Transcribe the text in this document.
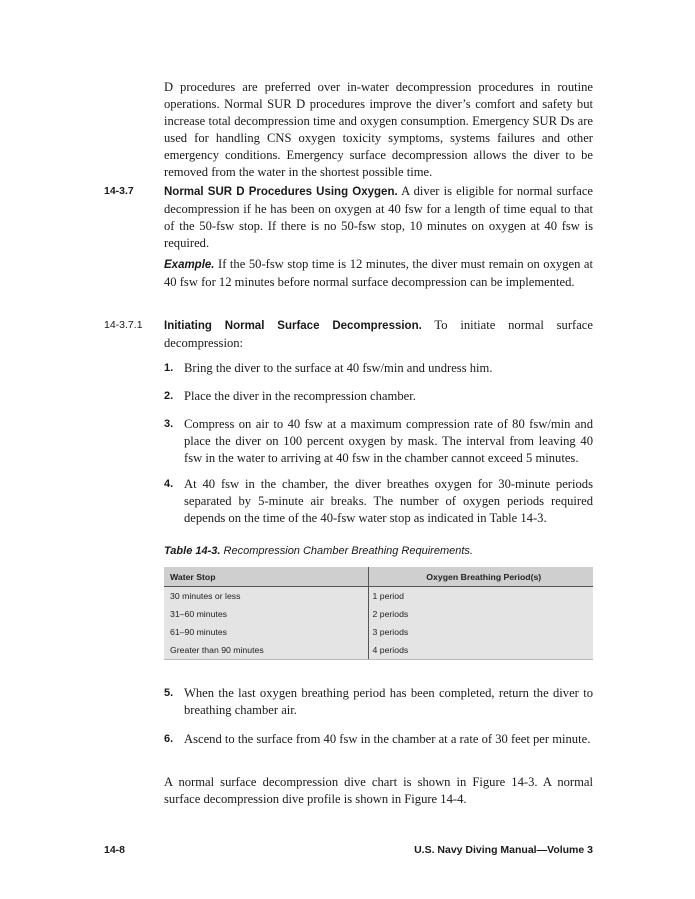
D procedures are preferred over in-water decompression procedures in routine operations. Normal SUR D procedures improve the diver’s comfort and safety but increase total decompression time and oxygen consumption. Emergency SUR Ds are used for handling CNS oxygen toxicity symptoms, systems failures and other emergency conditions. Emergency surface decompression allows the diver to be removed from the water in the shortest possible time.

14-3.7	Normal SUR D Procedures Using Oxygen. A diver is eligible for normal surface decompression if he has been on oxygen at 40 fsw for a length of time equal to that of the 50-fsw stop. If there is no 50-fsw stop, 10 minutes on oxygen at 40 fsw is required.

Example. If the 50-fsw stop time is 12 minutes, the diver must remain on oxygen at 40 fsw for 12 minutes before normal surface decompression can be implemented.

14-3.7.1 Initiating Normal Surface Decompression. To initiate normal surface decompression:

1. Bring the diver to the surface at 40 fsw/min and undress him.
2. Place the diver in the recompression chamber.
3. Compress on air to 40 fsw at a maximum compression rate of 80 fsw/min and place the diver on 100 percent oxygen by mask. The interval from leaving 40 fsw in the water to arriving at 40 fsw in the chamber cannot exceed 5 minutes.
4. At 40 fsw in the chamber, the diver breathes oxygen for 30-minute periods separated by 5-minute air breaks. The number of oxygen periods required depends on the time of the 40-fsw water stop as indicated in Table 14-3.
Table 14-3. Recompression Chamber Breathing Requirements.
Water Stop	Oxygen Breathing Period(s)
30 minutes or less	1 period
31–60 minutes	2 periods
61–90 minutes	3 periods
Greater than 90 minutes	4 periods
5. When the last oxygen breathing period has been completed, return the diver to breathing chamber air.
6. Ascend to the surface from 40 fsw in the chamber at a rate of 30 feet per minute.

A normal surface decompression dive chart is shown in Figure 14-3. A normal surface decompression dive profile is shown in Figure 14-4.

14-8	U.S. Navy Diving Manual—Volume 3
